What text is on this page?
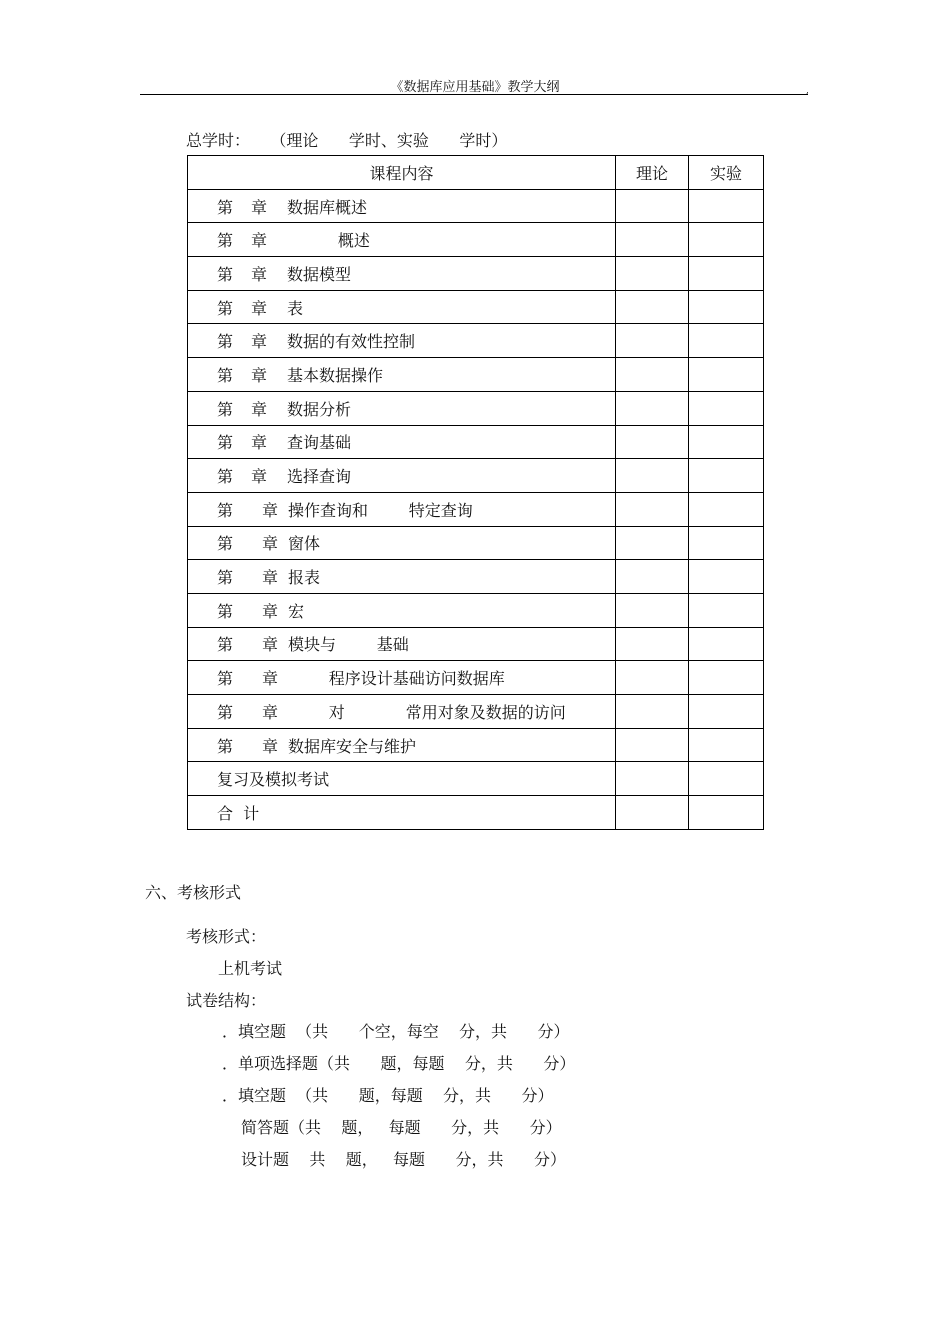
《数据库应用基础》教学大纲	,
总学时：    （理论      学时、实验      学时）
课程内容	理论	实验
第 章 数据库概述		
第 章          概述		
第 章 数据模型		
第 章 表		
第 章 数据的有效性控制		
第 章 基本数据操作		
第 章 数据分析		
第 章 查询基础		
第 章 选择查询		
第 章 操作查询和        特定查询		
第 章 窗体		
第 章 报表		
第 章 宏		
第 章 模块与        基础		
第 章        程序设计基础访问数据库		
第 章        对            常用对象及数据的访问		
第 章 数据库安全与维护		
复习及模拟考试		
合  计		
六、考核形式
考核形式：
上机考试
试卷结构：
．填空题  （共      个空，每空    分，共      分）
．单项选择题（共      题，每题    分，共      分）
．填空题  （共      题，每题    分，共      分）
简答题（共    题，   每题      分，共      分）
设计题    共    题，   每题      分，共      分）
